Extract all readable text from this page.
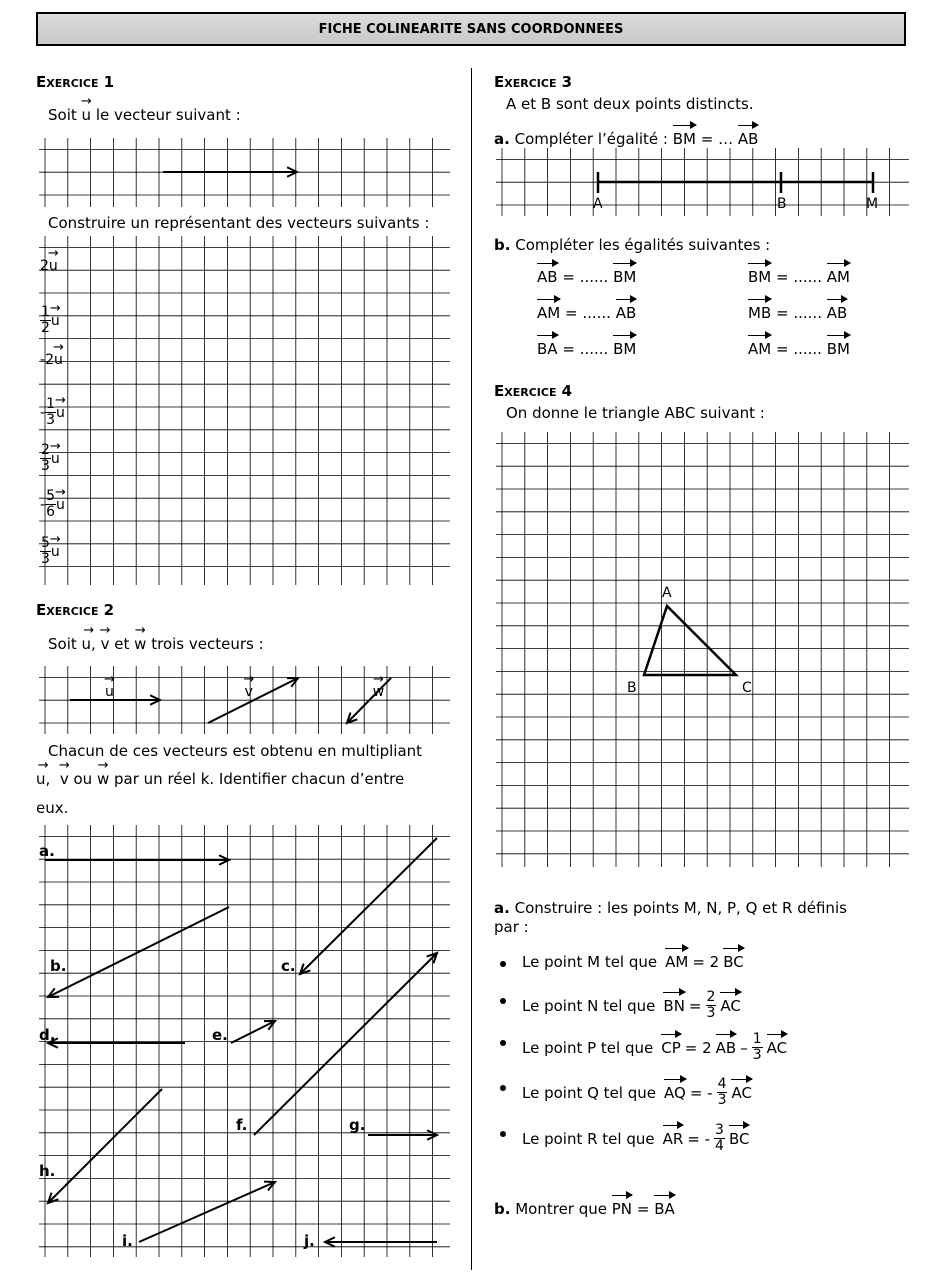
FICHE COLINEARITE SANS COORDONNEES
Exercice 1
Soit → u le vecteur suivant :
Construire un représentant des vecteurs suivants :
2 → u
$\frac{1}{2} \to u$
- 2 → u
- $\frac{1}{3} \to u$
$\frac{2}{3} \to u$
- $\frac{5}{6} \to u$
$\frac{5}{3} \to u$
Exercice 2
Soit → u, → v et → w trois vecteurs :
→ u	→ v	→ w
Chacun de ces vecteurs est obtenu en multipliant
→ u, → v ou → w par un réel k. Identifier chacun d’entre
eux.
a.
b.	c.
d.	e.
f.	g.
h.
i.	j.
Exercice 3
A et B sont deux points distincts.
a. Compléter l’égalité : BM = … AB
A	B	M
b. Compléter les égalités suivantes :
AB = ...... BM	BM = ...... AM
AM = ...... AB	MB = ...... AB
BA = ...... BM	AM = ...... BM
Exercice 4
On donne le triangle ABC suivant :
A
B	C
a. Construire : les points M, N, P, Q et R définis
par :
Le point M tel que AM = 2 BC
Le point N tel que BN = $\frac{2}{3}$ AC
Le point P tel que CP = 2 AB – $\frac{1}{3}$ AC
Le point Q tel que AQ = - $\frac{4}{3}$ AC
Le point R tel que AR = - $\frac{3}{4}$ BC
b. Montrer que PN = BA
